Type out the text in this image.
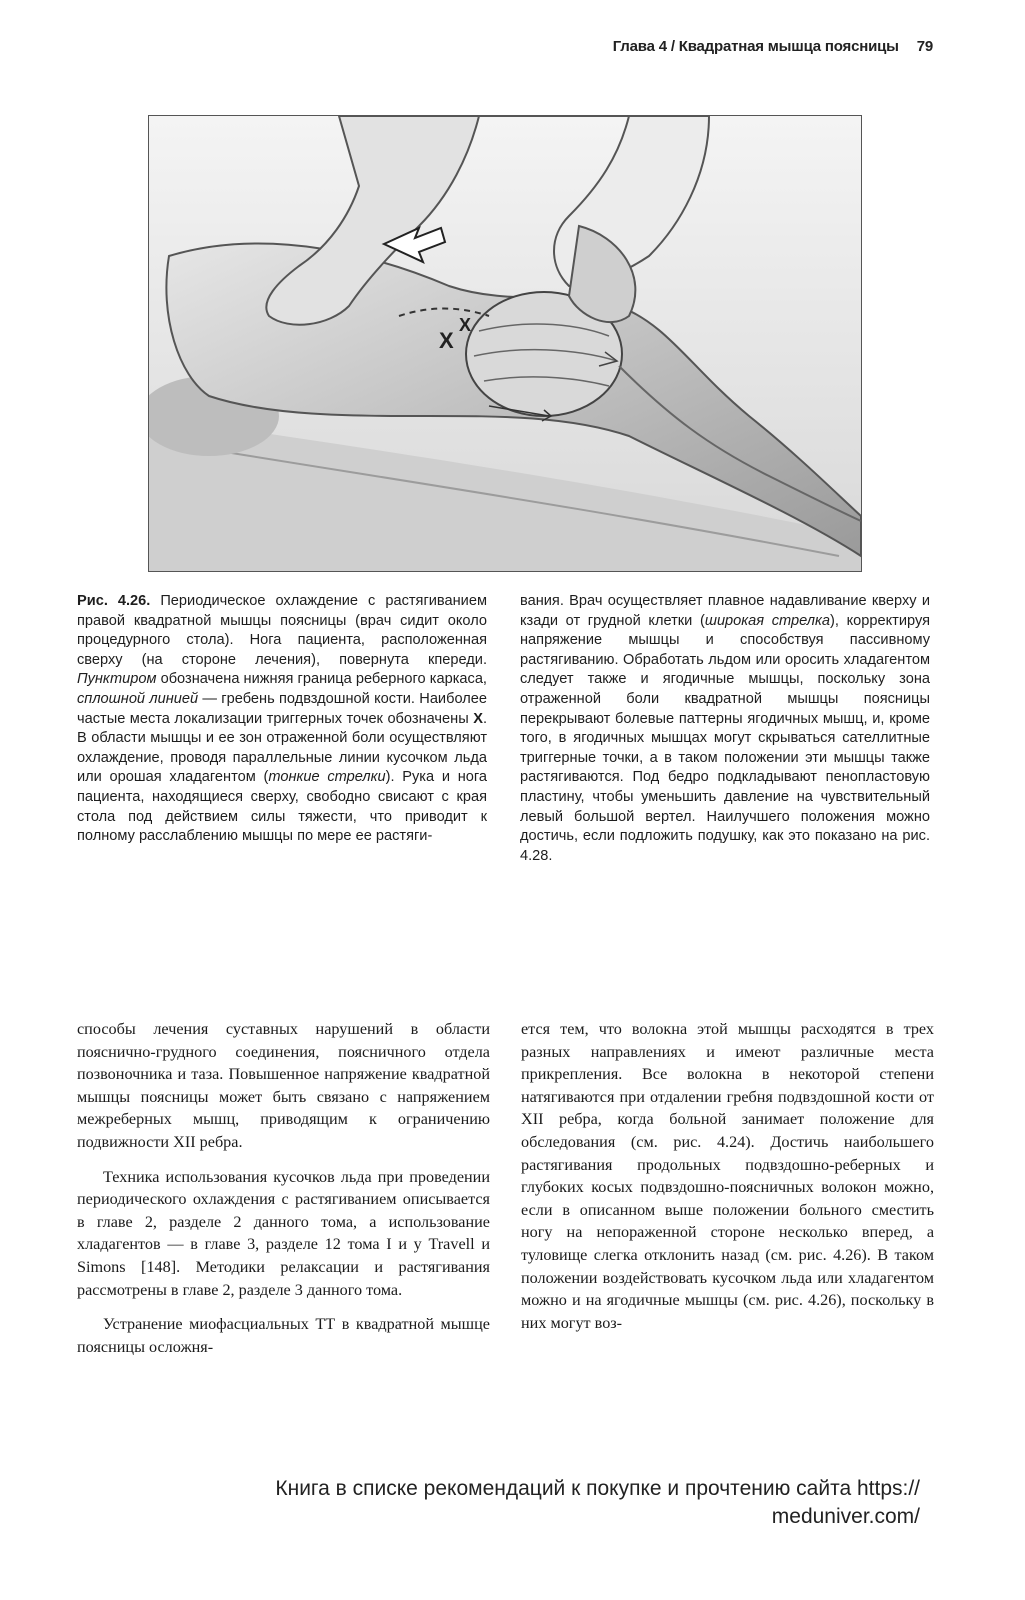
Глава 4 / Квадратная мышца поясницы 79
X
X

Рис. 4.26. Периодическое охлаждение с растягиванием правой квадратной мышцы поясницы (врач сидит около процедурного стола). Нога пациента, расположенная сверху (на стороне лечения), повернута кпереди. Пунктиром обозначена нижняя граница реберного каркаса, сплошной линией — гребень подвздошной кости. Наиболее частые места локализации триггерных точек обозначены X. В области мышцы и ее зон отраженной боли осуществляют охлаждение, проводя параллельные линии кусочком льда или орошая хладагентом (тонкие стрелки). Рука и нога пациента, находящиеся сверху, свободно свисают с края стола под действием силы тяжести, что приводит к полному расслаблению мышцы по мере ее растяги-

вания. Врач осуществляет плавное надавливание кверху и кзади от грудной клетки (широкая стрелка), корректируя напряжение мышцы и способствуя пассивному растягиванию. Обработать льдом или оросить хладагентом следует также и ягодичные мышцы, поскольку зона отраженной боли квадратной мышцы поясницы перекрывают болевые паттерны ягодичных мышц, и, кроме того, в ягодичных мышцах могут скрываться сателлитные триггерные точки, а в таком положении эти мышцы также растягиваются. Под бедро подкладывают пенопластовую пластину, чтобы уменьшить давление на чувствительный левый большой вертел. Наилучшего положения можно достичь, если подложить подушку, как это показано на рис. 4.28.

способы лечения суставных нарушений в области пояснично-грудного соединения, поясничного отдела позвоночника и таза. Повышенное напряжение квадратной мышцы поясницы может быть связано с напряжением межреберных мышц, приводящим к ограничению подвижности XII ребра.

Техника использования кусочков льда при проведении периодического охлаждения с растягиванием описывается в главе 2, разделе 2 данного тома, а использование хладагентов — в главе 3, разделе 12 тома I и у Travell и Simons [148]. Методики релаксации и растягивания рассмотрены в главе 2, разделе 3 данного тома.

Устранение миофасциальных ТТ в квадратной мышце поясницы осложня-

ется тем, что волокна этой мышцы расходятся в трех разных направлениях и имеют различные места прикрепления. Все волокна в некоторой степени натягиваются при отдалении гребня подвздошной кости от XII ребра, когда больной занимает положение для обследования (см. рис. 4.24). Достичь наибольшего растягивания продольных подвздошно-реберных и глубоких косых подвздошно-поясничных волокон можно, если в описанном выше положении больного сместить ногу на непораженной стороне несколько вперед, а туловище слегка отклонить назад (см. рис. 4.26). В таком положении воздействовать кусочком льда или хладагентом можно и на ягодичные мышцы (см. рис. 4.26), поскольку в них могут воз-

Книга в списке рекомендаций к покупке и прочтению сайта https:// meduniver.com/
